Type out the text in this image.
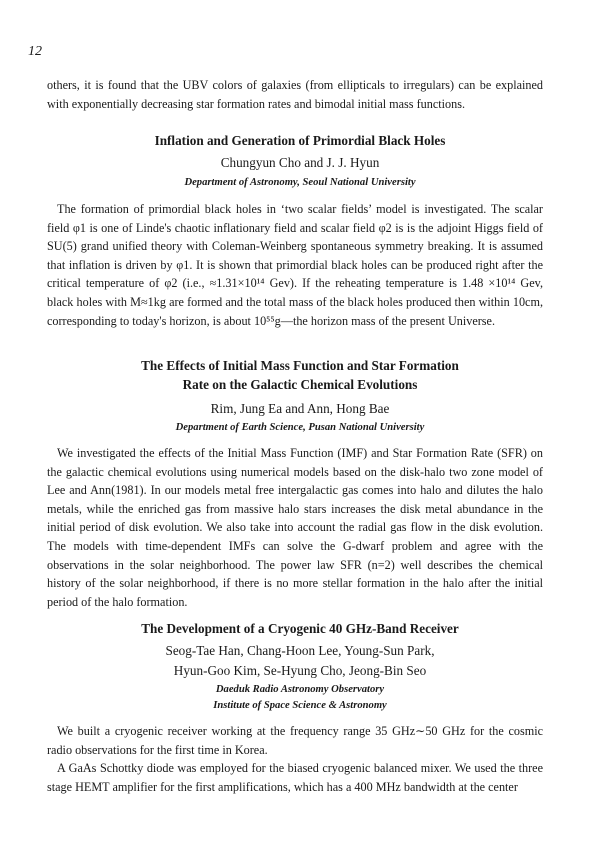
12

others, it is found that the UBV colors of galaxies (from ellipticals to irregulars) can be explained with exponentially decreasing star formation rates and bimodal initial mass functions.

Inflation and Generation of Primordial Black Holes
Chungyun Cho and J. J. Hyun
Department of Astronomy, Seoul National University

The formation of primordial black holes in ‘two scalar fields’ model is investigated. The scalar field φ1 is one of Linde's chaotic inflationary field and scalar field φ2 is is the adjoint Higgs field of SU(5) grand unified theory with Coleman-Weinberg spontaneous symmetry breaking. It is assumed that inflation is driven by φ1. It is shown that primordial black holes can be produced right after the critical temperature of φ2 (i.e., ≈1.31×10¹⁴ Gev). If the reheating temperature is 1.48 ×10¹⁴ Gev, black holes with M≈1kg are formed and the total mass of the black holes produced then within 10cm, corresponding to today's horizon, is about 10⁵⁵g—the horizon mass of the present Universe.

The Effects of Initial Mass Function and Star Formation
Rate on the Galactic Chemical Evolutions
Rim, Jung Ea and Ann, Hong Bae
Department of Earth Science, Pusan National University

We investigated the effects of the Initial Mass Function (IMF) and Star Formation Rate (SFR) on the galactic chemical evolutions using numerical models based on the disk-halo two zone model of Lee and Ann(1981). In our models metal free intergalactic gas comes into halo and dilutes the halo metals, while the enriched gas from massive halo stars increases the disk metal abundance in the initial period of disk evolution. We also take into account the radial gas flow in the disk evolution. The models with time-dependent IMFs can solve the G-dwarf problem and agree with the observations in the solar neighborhood. The power law SFR (n=2) well describes the chemical history of the solar neighborhood, if there is no more stellar formation in the halo after the initial period of the halo formation.

The Development of a Cryogenic 40 GHz-Band Receiver
Seog-Tae Han, Chang-Hoon Lee, Young-Sun Park,
Hyun-Goo Kim, Se-Hyung Cho, Jeong-Bin Seo
Daeduk Radio Astronomy Observatory
Institute of Space Science & Astronomy

We built a cryogenic receiver working at the frequency range 35 GHz∼50 GHz for the cosmic radio observations for the first time in Korea.

A GaAs Schottky diode was employed for the biased cryogenic balanced mixer. We used the three stage HEMT amplifier for the first amplifications, which has a 400 MHz bandwidth at the center
